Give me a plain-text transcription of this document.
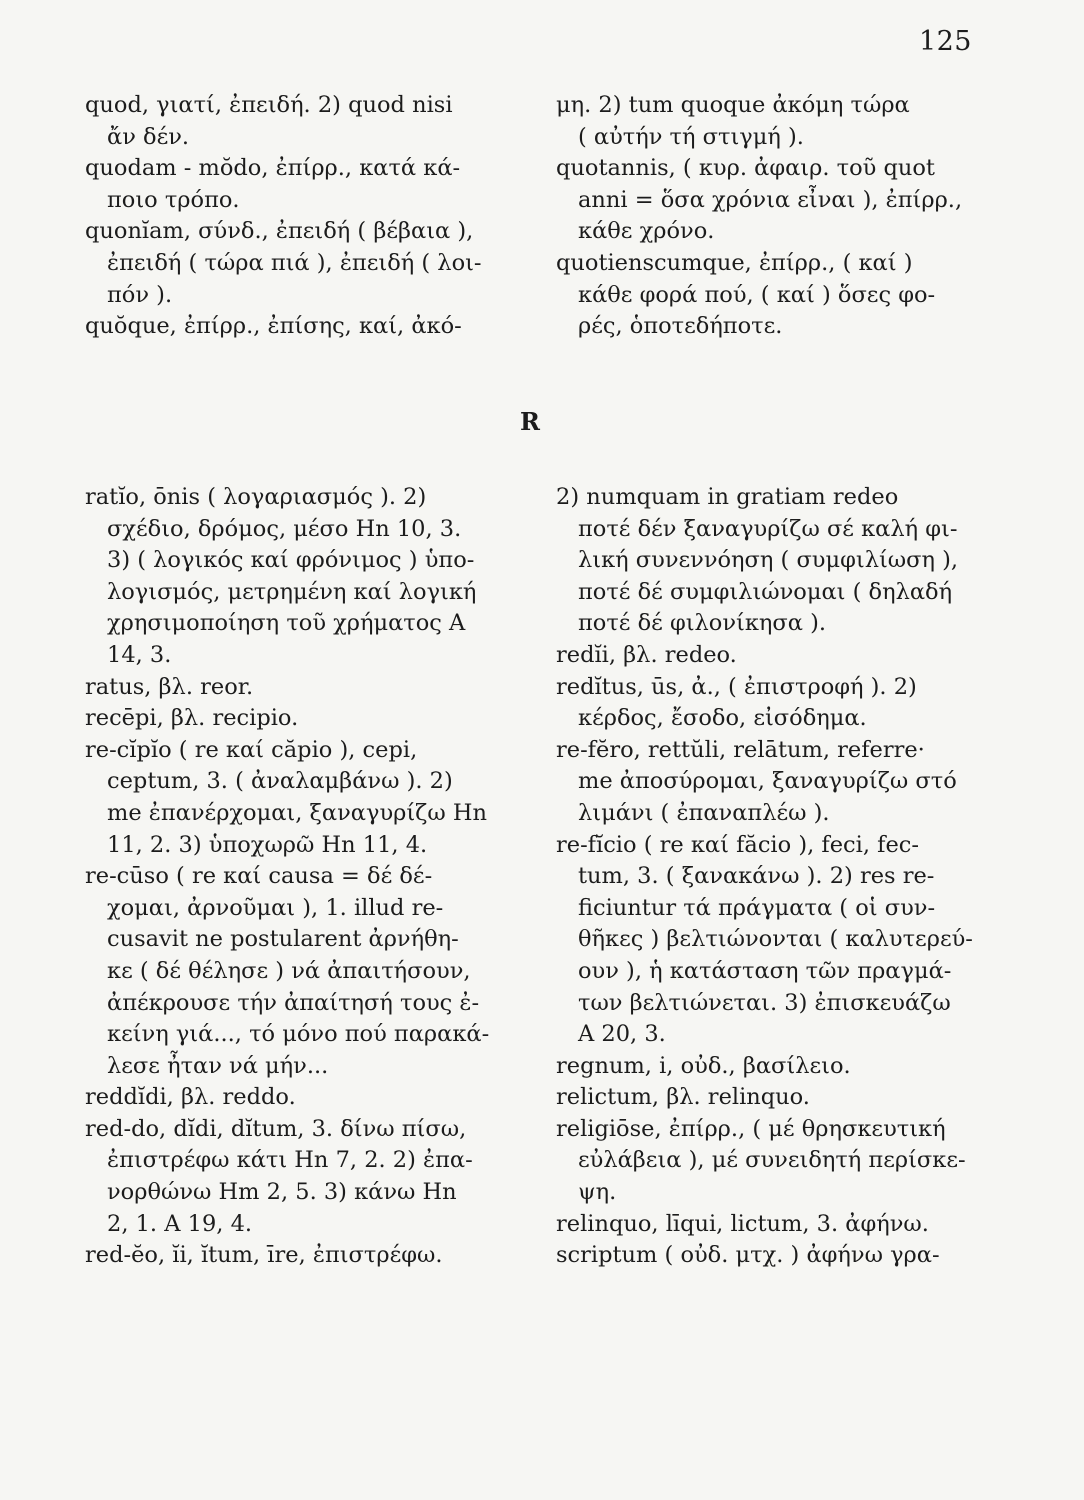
125
quod, γιατί, ἐπειδή. 2) quod nisi
ἄν δέν.
quodam - mŏdo, ἐπίρρ., κατά κά-
ποιο τρόπο.
quonĭam, σύνδ., ἐπειδή ( βέβαια ),
ἐπειδή ( τώρα πιά ), ἐπειδή ( λοι-
πόν ).
quŏque, ἐπίρρ., ἐπίσης, καί, ἀκό-
μη. 2) tum quoque ἀκόμη τώρα
( αὐτήν τή στιγμή ).
quotannis, ( κυρ. ἀφαιρ. τοῦ quot
anni = ὅσα χρόνια εἶναι ), ἐπίρρ.,
κάθε χρόνο.
quotienscumque, ἐπίρρ., ( καί )
κάθε φορά πού, ( καί ) ὅσες φο-
ρές, ὁποτεδήποτε.
R
ratĭo, ōnis ( λογαριασμός ). 2)
σχέδιο, δρόμος, μέσο Hn 10, 3.
3) ( λογικός καί φρόνιμος ) ὑπο-
λογισμός, μετρημένη καί λογική
χρησιμοποίηση τοῦ χρήματος A
14, 3.
ratus, βλ. reor.
recēpi, βλ. recipio.
re-cĭpĭo ( re καί căpio ), cepi,
ceptum, 3. ( ἀναλαμβάνω ). 2)
me ἐπανέρχομαι, ξαναγυρίζω Hn
11, 2. 3) ὑποχωρῶ Hn 11, 4.
re-cūso ( re καί causa = δέ δέ-
χομαι, ἀρνοῦμαι ), 1. illud re-
cusavit ne postularent ἀρνήθη-
κε ( δέ θέλησε ) νά ἀπαιτήσουν,
ἀπέκρουσε τήν ἀπαίτησή τους ἐ-
κείνη γιά..., τό μόνο πού παρακά-
λεσε ἦταν νά μήν...
reddĭdi, βλ. reddo.
red-do, dĭdi, dĭtum, 3. δίνω πίσω,
ἐπιστρέφω κάτι Hn 7, 2. 2) ἐπα-
νορθώνω Hm 2, 5. 3) κάνω Hn
2, 1. A 19, 4.
red-ĕo, ĭi, ĭtum, īre, ἐπιστρέφω.
2) numquam in gratiam redeo
ποτέ δέν ξαναγυρίζω σέ καλή φι-
λική συνεννόηση ( συμφιλίωση ),
ποτέ δέ συμφιλιώνομαι ( δηλαδή
ποτέ δέ φιλονίκησα ).
redĭi, βλ. redeo.
redĭtus, ūs, ἀ., ( ἐπιστροφή ). 2)
κέρδος, ἔσοδο, εἰσόδημα.
re-fĕro, rettŭli, relātum, referre·
me ἀποσύρομαι, ξαναγυρίζω στό
λιμάνι ( ἐπαναπλέω ).
re-fĭcio ( re καί făcio ), feci, fec-
tum, 3. ( ξανακάνω ). 2) res re-
ficiuntur τά πράγματα ( οἱ συν-
θῆκες ) βελτιώνονται ( καλυτερεύ-
ουν ), ἡ κατάσταση τῶν πραγμά-
των βελτιώνεται. 3) ἐπισκευάζω
A 20, 3.
regnum, i, οὐδ., βασίλειο.
relictum, βλ. relinquo.
religiōse, ἐπίρρ., ( μέ θρησκευτική
εὐλάβεια ), μέ συνειδητή περίσκε-
ψη.
relinquo, līqui, lictum, 3. ἀφήνω.
scriptum ( οὐδ. μτχ. ) ἀφήνω γρα-
